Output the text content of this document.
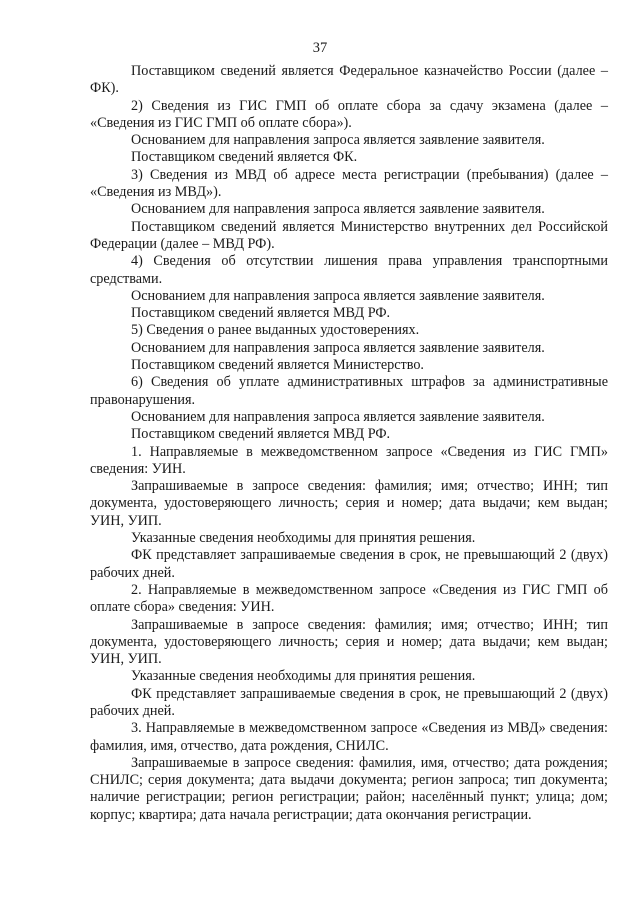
37

Поставщиком сведений является Федеральное казначейство России (далее – ФК).

2) Сведения из ГИС ГМП об оплате сбора за сдачу экзамена (далее – «Сведения из ГИС ГМП об оплате сбора»).

Основанием для направления запроса является заявление заявителя.

Поставщиком сведений является ФК.

3) Сведения из МВД об адресе места регистрации (пребывания) (далее – «Сведения из МВД»).

Основанием для направления запроса является заявление заявителя.

Поставщиком сведений является Министерство внутренних дел Российской Федерации (далее – МВД РФ).

4) Сведения об отсутствии лишения права управления транспортными средствами.

Основанием для направления запроса является заявление заявителя.

Поставщиком сведений является МВД РФ.

5) Сведения о ранее выданных удостоверениях.

Основанием для направления запроса является заявление заявителя.

Поставщиком сведений является Министерство.

6) Сведения об уплате административных штрафов за административные правонарушения.

Основанием для направления запроса является заявление заявителя.

Поставщиком сведений является МВД РФ.

1. Направляемые в межведомственном запросе «Сведения из ГИС ГМП» сведения: УИН.

Запрашиваемые в запросе сведения: фамилия; имя; отчество; ИНН; тип документа, удостоверяющего личность; серия и номер; дата выдачи; кем выдан; УИН, УИП.

Указанные сведения необходимы для принятия решения.

ФК представляет запрашиваемые сведения в срок, не превышающий 2 (двух) рабочих дней.

2. Направляемые в межведомственном запросе «Сведения из ГИС ГМП об оплате сбора» сведения: УИН.

Запрашиваемые в запросе сведения: фамилия; имя; отчество; ИНН; тип документа, удостоверяющего личность; серия и номер; дата выдачи; кем выдан; УИН, УИП.

Указанные сведения необходимы для принятия решения.

ФК представляет запрашиваемые сведения в срок, не превышающий 2 (двух) рабочих дней.

3. Направляемые в межведомственном запросе «Сведения из МВД» сведения: фамилия, имя, отчество, дата рождения, СНИЛС.

Запрашиваемые в запросе сведения: фамилия, имя, отчество; дата рождения; СНИЛС; серия документа; дата выдачи документа; регион запроса; тип документа; наличие регистрации; регион регистрации; район; населённый пункт; улица; дом; корпус; квартира; дата начала регистрации; дата окончания регистрации.
